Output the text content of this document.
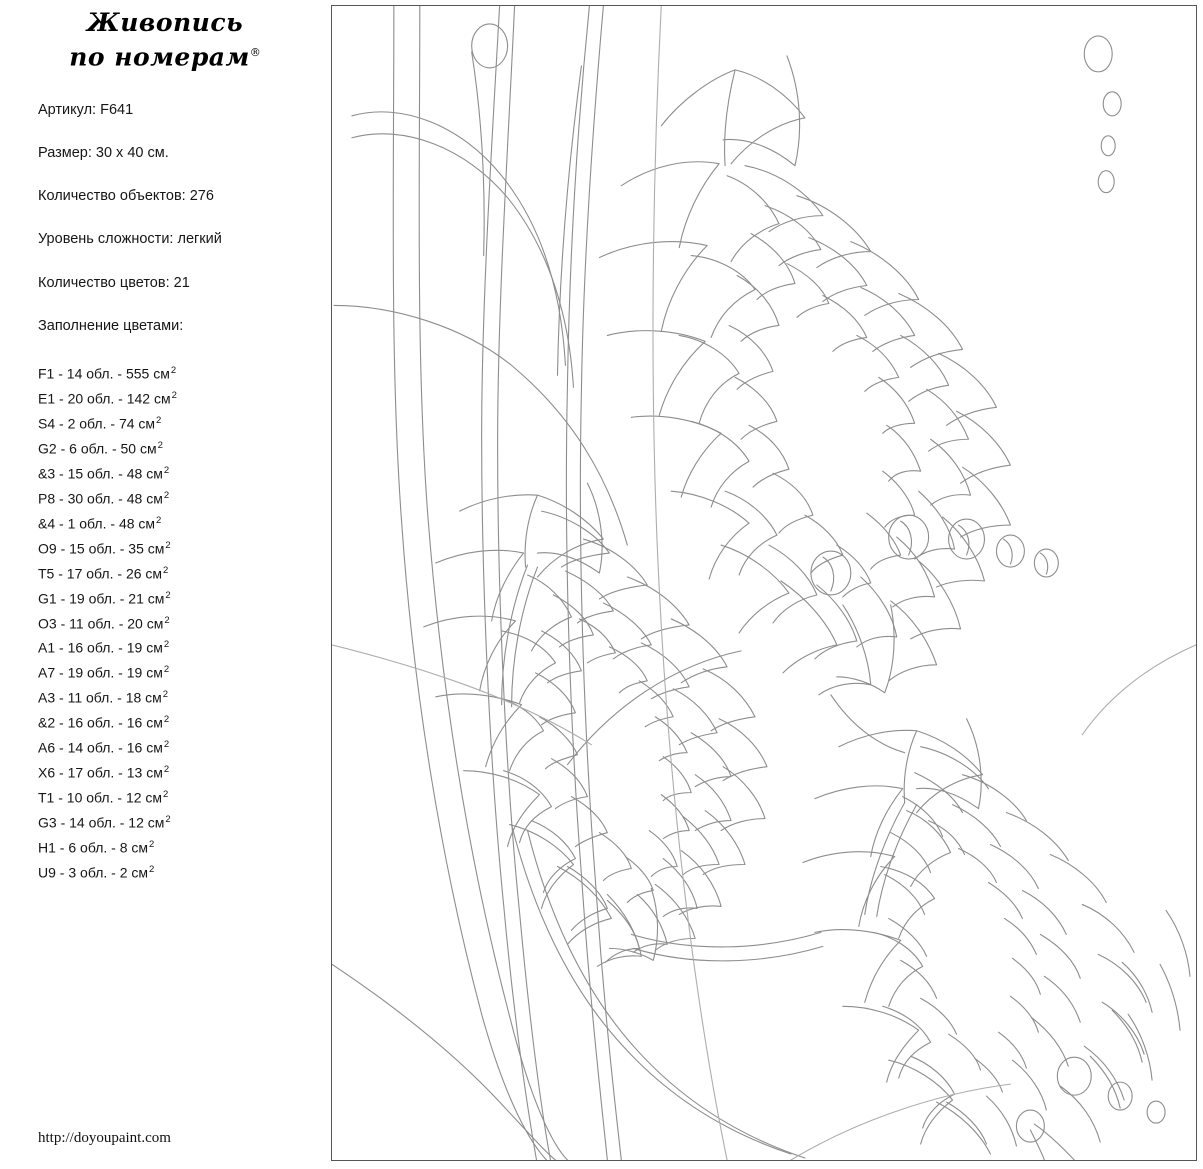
Живопись
по номерам®
Артикул: F641
Размер: 30 x 40 см.
Количество объектов: 276
Уровень сложности: легкий
Количество цветов: 21
Заполнение цветами:
F1 - 14 обл. - 555 $см^2$
E1 - 20 обл. - 142 $см^2$
S4 - 2 обл. - 74 $см^2$
G2 - 6 обл. - 50 $см^2$
&3 - 15 обл. - 48 $см^2$
P8 - 30 обл. - 48 $см^2$
&4 - 1 обл. - 48 $см^2$
O9 - 15 обл. - 35 $см^2$
T5 - 17 обл. - 26 $см^2$
G1 - 19 обл. - 21 $см^2$
O3 - 11 обл. - 20 $см^2$
A1 - 16 обл. - 19 $см^2$
A7 - 19 обл. - 19 $см^2$
A3 - 11 обл. - 18 $см^2$
&2 - 16 обл. - 16 $см^2$
A6 - 14 обл. - 16 $см^2$
X6 - 17 обл. - 13 $см^2$
T1 - 10 обл. - 12 $см^2$
G3 - 14 обл. - 12 $см^2$
H1 - 6 обл. - 8 $см^2$
U9 - 3 обл. - 2 $см^2$
http://doyoupaint.com
